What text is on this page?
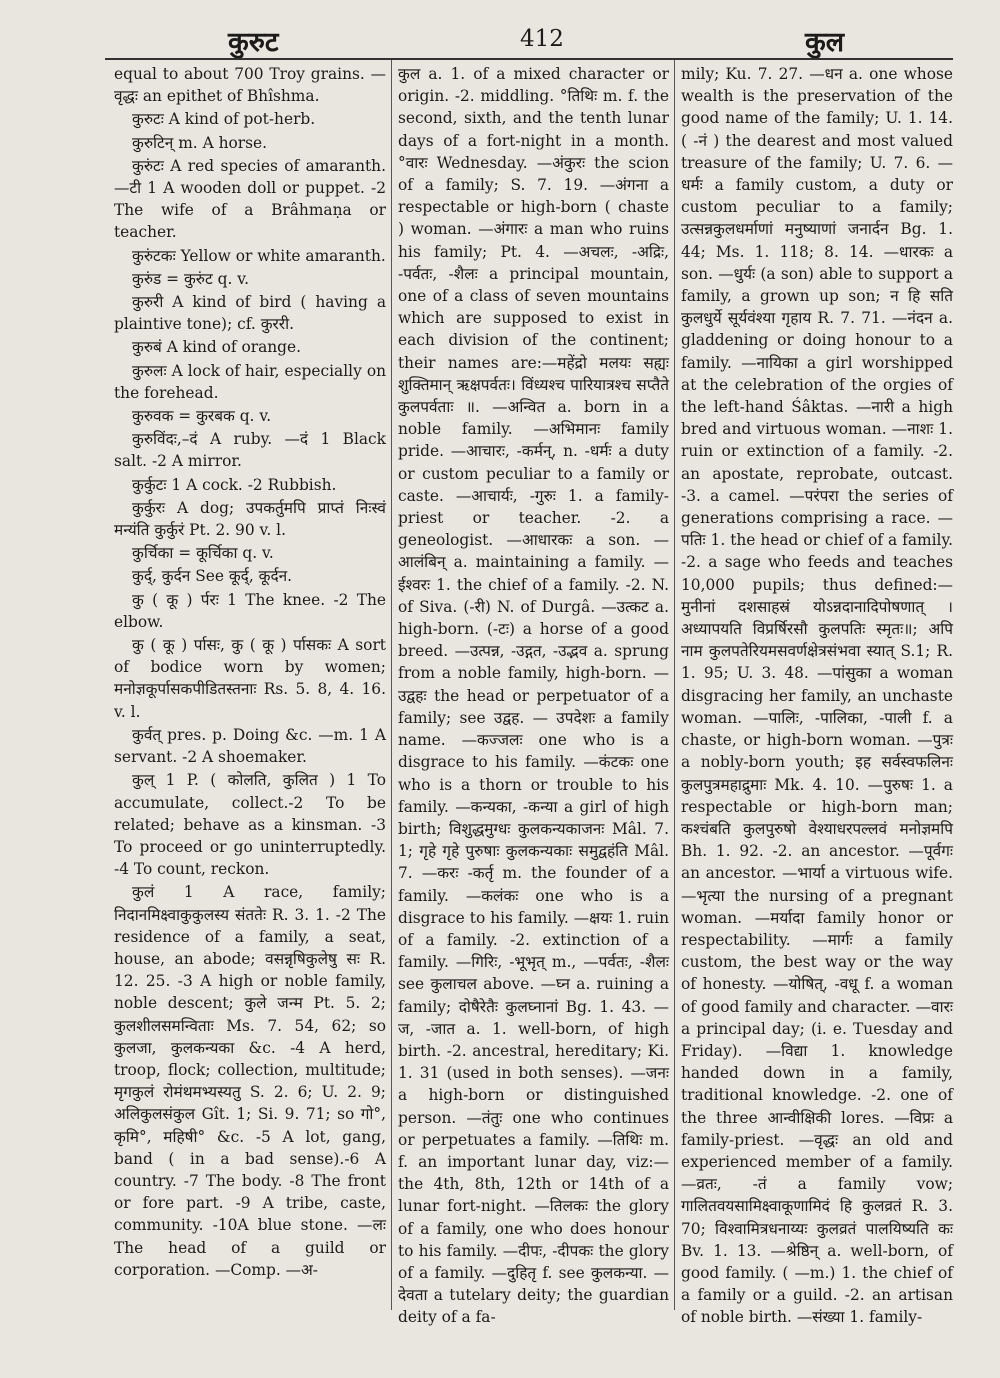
कुरुट	412	कुल

equal to about 700 Troy grains. —वृद्धः an epithet of Bhîshma.

कुरुटः A kind of pot-herb.

कुरुटिन् m. A horse.

कुरुंटः A red species of amaranth. —टी 1 A wooden doll or puppet. -2 The wife of a Brâhmaṇa or teacher.

कुरुंटकः Yellow or white amaranth.

कुरुंड = कुरुंट q. v.

कुरुरी A kind of bird ( having a plaintive tone); cf. कुररी.

कुरुबं A kind of orange.

कुरुलः A lock of hair, especially on the forehead.

कुरुवक = कुरबक q. v.

कुरुविंदः,–दं A ruby. —दं 1 Black salt. -2 A mirror.

कुर्कुटः 1 A cock. -2 Rubbish.

कुर्कुरः A dog; उपकर्तुमपि प्राप्तं निःस्वं मन्यंति कुर्कुरं Pt. 2. 90 v. l.

कुर्चिका = कूर्चिका q. v.

कुर्द्, कुर्दन See कूर्द्, कूर्दन.

कु ( कू ) र्परः 1 The knee. -2 The elbow.

कु ( कू ) र्पासः, कु ( कू ) र्पासकः A sort of bodice worn by women; मनोज्ञकूर्पासकपीडितस्तनाः Rs. 5. 8, 4. 16. v. l.

कुर्वत् pres. p. Doing &c. —m. 1 A servant. -2 A shoemaker.

कुल् 1 P. ( कोलति, कुलित ) 1 To accumulate, collect.-2 To be related; behave as a kinsman. -3 To proceed or go uninterruptedly. -4 To count, reckon.

कुलं 1 A race, family; निदानमिक्ष्वाकुकुलस्य संततेः R. 3. 1. -2 The residence of a family, a seat, house, an abode; वसन्नृषिकुलेषु सः R. 12. 25. -3 A high or noble family, noble descent; कुले जन्म Pt. 5. 2; कुलशीलसमन्विताः Ms. 7. 54, 62; so कुलजा, कुलकन्यका &c. -4 A herd, troop, flock; collection, multitude; मृगकुलं रोमंथमभ्यस्यतु S. 2. 6; U. 2. 9; अलिकुलसंकुल Gît. 1; Si. 9. 71; so गो°, कृमि°, महिषी° &c. -5 A lot, gang, band ( in a bad sense).-6 A country. -7 The body. -8 The front or fore part. -9 A tribe, caste, community. -10A blue stone. —लः The head of a guild or corporation. —Comp. —अ-

कुल a. 1. of a mixed character or origin. -2. middling. °तिथिः m. f. the second, sixth, and the tenth lunar days of a fort-night in a month. °वारः Wednesday. —अंकुरः the scion of a family; S. 7. 19. —अंगना a respectable or high-born ( chaste ) woman. —अंगारः a man who ruins his family; Pt. 4. —अचलः, -अद्रिः, -पर्वतः, -शैलः a principal mountain, one of a class of seven mountains which are supposed to exist in each division of the continent; their names are:—महेंद्रो मलयः सह्यः शुक्तिमान् ऋक्षपर्वतः। विंध्यश्च पारियात्रश्च सप्तैते कुलपर्वताः ॥. —अन्वित a. born in a noble family. —अभिमानः family pride. —आचारः, -कर्मन्, n. -धर्मः a duty or custom peculiar to a family or caste. —आचार्यः, -गुरुः 1. a family-priest or teacher. -2. a geneologist. —आधारकः a son. —आलंबिन् a. maintaining a family. —ईश्वरः 1. the chief of a family. -2. N. of Siva. (-री) N. of Durgâ. —उत्कट a. high-born. (-टः) a horse of a good breed. —उत्पन्न, -उद्गत, -उद्भव a. sprung from a noble family, high-born. —उद्वहः the head or perpetuator of a family; see उद्वह. — उपदेशः a family name. —कज्जलः one who is a disgrace to his family. —कंटकः one who is a thorn or trouble to his family. —कन्यका, -कन्या a girl of high birth; विशुद्धमुग्धः कुलकन्यकाजनः Mâl. 7. 1; गृहे गृहे पुरुषाः कुलकन्यकाः समुद्वहंति Mâl. 7. —करः -कर्तृ m. the founder of a family. —कलंकः one who is a disgrace to his family. —क्षयः 1. ruin of a family. -2. extinction of a family. —गिरिः, -भूभृत् m., —पर्वतः, -शैलः see कुलाचल above. —घ्न a. ruining a family; दोषैरेतैः कुलघ्नानां Bg. 1. 43. —ज, -जात a. 1. well-born, of high birth. -2. ancestral, hereditary; Ki. 1. 31 (used in both senses). —जनः a high-born or distinguished person. —तंतुः one who continues or perpetuates a family. —तिथिः m. f. an important lunar day, viz:— the 4th, 8th, 12th or 14th of a lunar fort-night. —तिलकः the glory of a family, one who does honour to his family. —दीपः, -दीपकः the glory of a family. —दुहितृ f. see कुलकन्या. —देवता a tutelary deity; the guardian deity of a fa-

mily; Ku. 7. 27. —धन a. one whose wealth is the preservation of the good name of the family; U. 1. 14. ( -नं ) the dearest and most valued treasure of the family; U. 7. 6. —धर्मः a family custom, a duty or custom peculiar to a family; उत्सन्नकुलधर्माणां मनुष्याणां जनार्दन Bg. 1. 44; Ms. 1. 118; 8. 14. —धारकः a son. —धुर्यः (a son) able to support a family, a grown up son; न हि सति कुलधुर्ये सूर्यवंश्या गृहाय R. 7. 71. —नंदन a. gladdening or doing honour to a family. —नायिका a girl worshipped at the celebration of the orgies of the left-hand Śâktas. —नारी a high bred and virtuous woman. —नाशः 1. ruin or extinction of a family. -2. an apostate, reprobate, outcast. -3. a camel. —परंपरा the series of generations comprising a race. —पतिः 1. the head or chief of a family. -2. a sage who feeds and teaches 10,000 pupils; thus defined:— मुनीनां दशसाहस्रं योऽन्नदानादिपोषणात् । अध्यापयति विप्रर्षिरसौ कुलपतिः स्मृतः॥; अपि नाम कुलपतेरियमसवर्णक्षेत्रसंभवा स्यात् S.1; R. 1. 95; U. 3. 48. —पांसुका a woman disgracing her family, an unchaste woman. —पालिः, -पालिका, -पाली f. a chaste, or high-born woman. —पुत्रः a nobly-born youth; इह सर्वस्वफलिनः कुलपुत्रमहाद्रुमाः Mk. 4. 10. —पुरुषः 1. a respectable or high-born man; कश्चंबति कुलपुरुषो वेश्याधरपल्लवं मनोज्ञमपि Bh. 1. 92. -2. an ancestor. —पूर्वगः an ancestor. —भार्या a virtuous wife. —भृत्या the nursing of a pregnant woman. —मर्यादा family honor or respectability. —मार्गः a family custom, the best way or the way of honesty. —योषित्, -वधू f. a woman of good family and character. —वारः a principal day; (i. e. Tuesday and Friday). —विद्या 1. knowledge handed down in a family, traditional knowledge. -2. one of the three आन्वीक्षिकी lores. —विप्रः a family-priest. —वृद्धः an old and experienced member of a family. —व्रतः, -तं a family vow; गालितवयसामिक्ष्वाकूणामिदं हि कुलव्रतं R. 3. 70; विश्वामित्रधनाय्यः कुलव्रतं पालयिष्यति कः Bv. 1. 13. —श्रेष्ठिन् a. well-born, of good family. ( —m.) 1. the chief of a family or a guild. -2. an artisan of noble birth. —संख्या 1. family-
